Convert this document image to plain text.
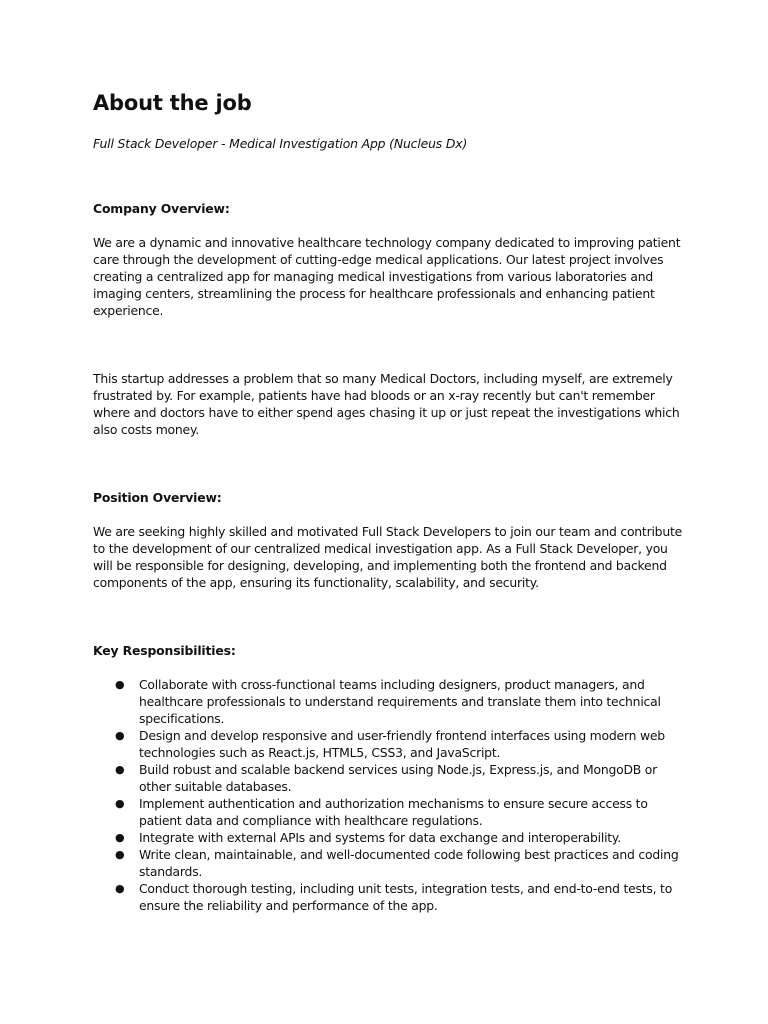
About the job

Full Stack Developer - Medical Investigation App (Nucleus Dx)

Company Overview:

We are a dynamic and innovative healthcare technology company dedicated to improving patient care through the development of cutting-edge medical applications. Our latest project involves creating a centralized app for managing medical investigations from various laboratories and imaging centers, streamlining the process for healthcare professionals and enhancing patient experience.

This startup addresses a problem that so many Medical Doctors, including myself, are extremely frustrated by. For example, patients have had bloods or an x-ray recently but can't remember where and doctors have to either spend ages chasing it up or just repeat the investigations which also costs money.

Position Overview:

We are seeking highly skilled and motivated Full Stack Developers to join our team and contribute to the development of our centralized medical investigation app. As a Full Stack Developer, you will be responsible for designing, developing, and implementing both the frontend and backend components of the app, ensuring its functionality, scalability, and security.

Key Responsibilities:
● Collaborate with cross-functional teams including designers, product managers, and healthcare professionals to understand requirements and translate them into technical specifications.
● Design and develop responsive and user-friendly frontend interfaces using modern web technologies such as React.js, HTML5, CSS3, and JavaScript.
● Build robust and scalable backend services using Node.js, Express.js, and MongoDB or other suitable databases.
● Implement authentication and authorization mechanisms to ensure secure access to patient data and compliance with healthcare regulations.
● Integrate with external APIs and systems for data exchange and interoperability.
● Write clean, maintainable, and well-documented code following best practices and coding standards.
● Conduct thorough testing, including unit tests, integration tests, and end-to-end tests, to ensure the reliability and performance of the app.
